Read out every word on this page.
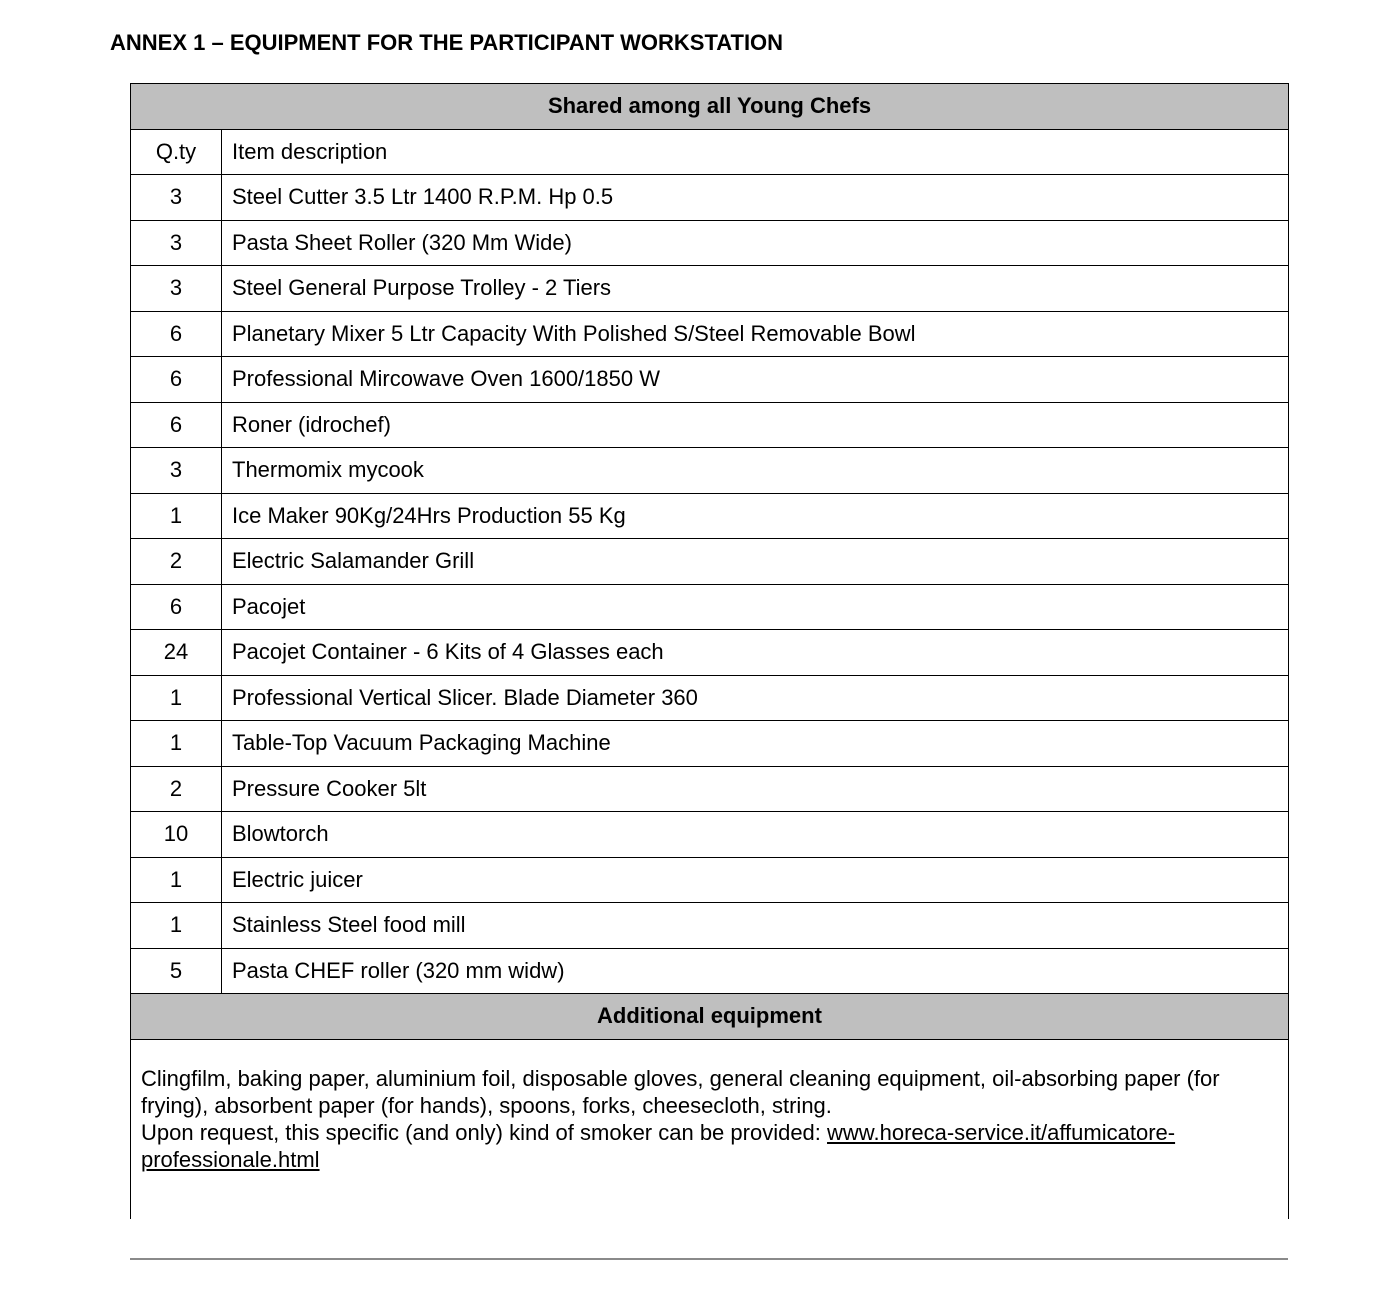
ANNEX 1 – EQUIPMENT FOR THE PARTICIPANT WORKSTATION
Shared among all Young Chefs	
Q.ty	Item description
3	Steel Cutter 3.5 Ltr 1400 R.P.M. Hp 0.5
3	Pasta Sheet Roller (320 Mm Wide)
3	Steel General Purpose Trolley - 2 Tiers
6	Planetary Mixer 5 Ltr Capacity With Polished S/Steel Removable Bowl
6	Professional Mircowave Oven 1600/1850 W
6	Roner (idrochef)
3	Thermomix mycook
1	Ice Maker 90Kg/24Hrs Production 55 Kg
2	Electric Salamander Grill
6	Pacojet
24	Pacojet Container - 6 Kits of 4 Glasses each
1	Professional Vertical Slicer. Blade Diameter 360
1	Table-Top Vacuum Packaging Machine
2	Pressure Cooker 5lt
10	Blowtorch
1	Electric juicer
1	Stainless Steel food mill
5	Pasta CHEF roller (320 mm widw)
Additional equipment	

Clingfilm, baking paper, aluminium foil, disposable gloves, general cleaning equipment, oil-absorbing paper (for frying), absorbent paper (for hands), spoons, forks, cheesecloth, string.

Upon request, this specific (and only) kind of smoker can be provided: www.horeca-service.it/affumicatore-professionale.html	
